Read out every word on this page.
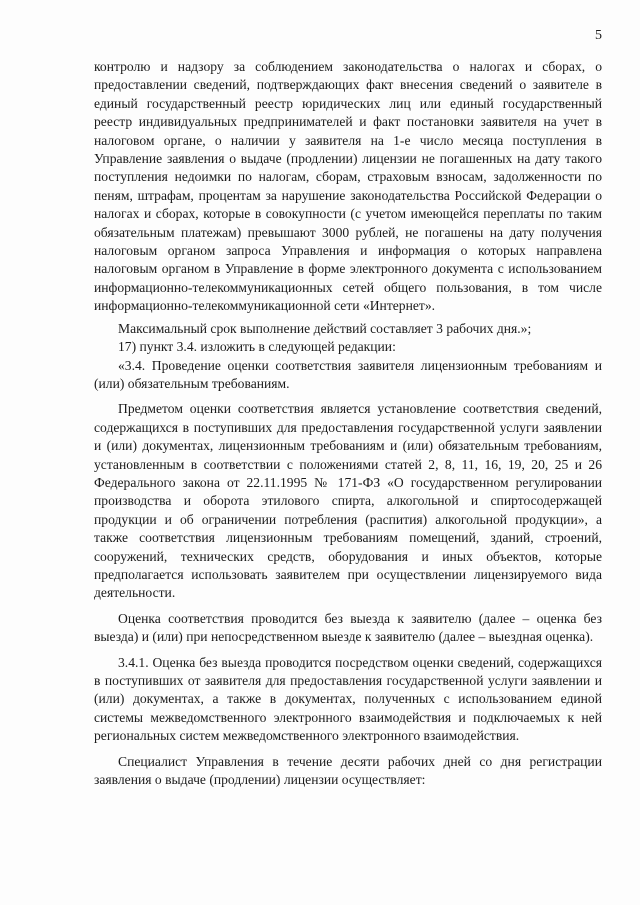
5

контролю и надзору за соблюдением законодательства о налогах и сборах, о предоставлении сведений, подтверждающих факт внесения сведений о заявителе в единый государственный реестр юридических лиц или единый государственный реестр индивидуальных предпринимателей и факт постановки заявителя на учет в налоговом органе, о наличии у заявителя на 1-е число месяца поступления в Управление заявления о выдаче (продлении) лицензии не погашенных на дату такого поступления недоимки по налогам, сборам, страховым взносам, задолженности по пеням, штрафам, процентам за нарушение законодательства Российской Федерации о налогах и сборах, которые в совокупности (с учетом имеющейся переплаты по таким обязательным платежам) превышают 3000 рублей, не погашены на дату получения налоговым органом запроса Управления и информация о которых направлена налоговым органом в Управление в форме электронного документа с использованием информационно-телекоммуникационных сетей общего пользования, в том числе информационно-телекоммуникационной сети «Интернет».

Максимальный срок выполнение действий составляет 3 рабочих дня.»;

17) пункт 3.4. изложить в следующей редакции:

«3.4. Проведение оценки соответствия заявителя лицензионным требованиям и (или) обязательным требованиям.

Предметом оценки соответствия является установление соответствия сведений, содержащихся в поступивших для предоставления государственной услуги заявлении и (или) документах, лицензионным требованиям и (или) обязательным требованиям, установленным в соответствии с положениями статей 2, 8, 11, 16, 19, 20, 25 и 26 Федерального закона от 22.11.1995 № 171-ФЗ «О государственном регулировании производства и оборота этилового спирта, алкогольной и спиртосодержащей продукции и об ограничении потребления (распития) алкогольной продукции», а также соответствия лицензионным требованиям помещений, зданий, строений, сооружений, технических средств, оборудования и иных объектов, которые предполагается использовать заявителем при осуществлении лицензируемого вида деятельности.

Оценка соответствия проводится без выезда к заявителю (далее – оценка без выезда) и (или) при непосредственном выезде к заявителю (далее – выездная оценка).

3.4.1. Оценка без выезда проводится посредством оценки сведений, содержащихся в поступивших от заявителя для предоставления государственной услуги заявлении и (или) документах, а также в документах, полученных с использованием единой системы межведомственного электронного взаимодействия и подключаемых к ней региональных систем межведомственного электронного взаимодействия.

Специалист Управления в течение десяти рабочих дней со дня регистрации заявления о выдаче (продлении) лицензии осуществляет:
